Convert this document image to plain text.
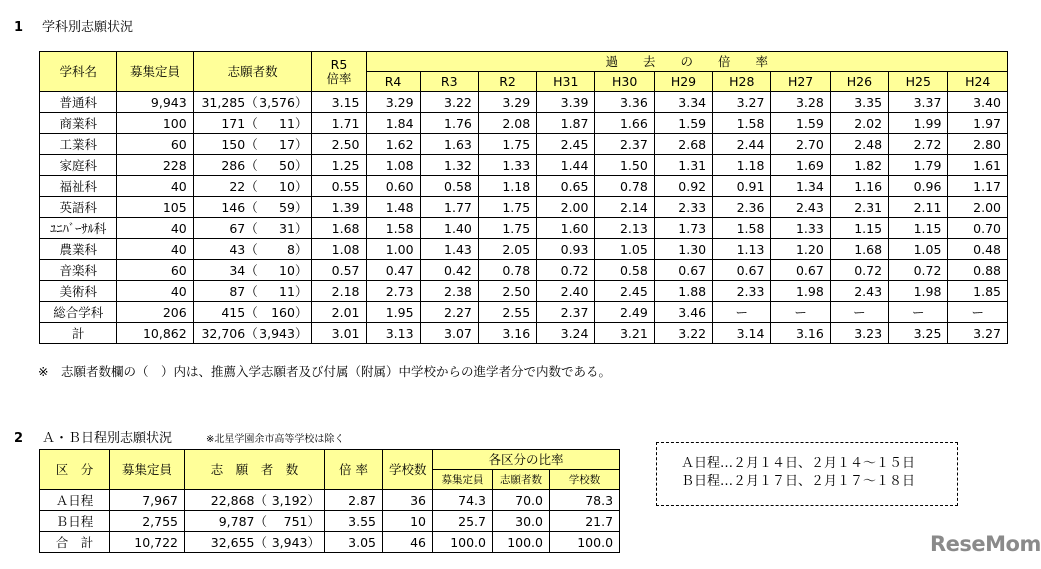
1 学科別志願状況
学科名	募集定員	志願者数	R5
倍率	過　　去　　の　　倍　　率										
				R4	R3	R2	H31	H30	H29	H28	H27	H26	H25	H24
普通科	9,943	31,285（ 3,576）	3.15	3.29	3.22	3.29	3.39	3.36	3.34	3.27	3.28	3.35	3.37	3.40
商業科	100	171（ 11）	1.71	1.84	1.76	2.08	1.87	1.66	1.59	1.58	1.59	2.02	1.99	1.97
工業科	60	150（ 17）	2.50	1.62	1.63	1.75	2.45	2.37	2.68	2.44	2.70	2.48	2.72	2.80
家庭科	228	286（ 50）	1.25	1.08	1.32	1.33	1.44	1.50	1.31	1.18	1.69	1.82	1.79	1.61
福祉科	40	22（ 10）	0.55	0.60	0.58	1.18	0.65	0.78	0.92	0.91	1.34	1.16	0.96	1.17
英語科	105	146（ 59）	1.39	1.48	1.77	1.75	2.00	2.14	2.33	2.36	2.43	2.31	2.11	2.00
ﾕﾆﾊﾞｰｻﾙ科	40	67（ 31）	1.68	1.58	1.40	1.75	1.60	2.13	1.73	1.58	1.33	1.15	1.15	0.70
農業科	40	43（ 8）	1.08	1.00	1.43	2.05	0.93	1.05	1.30	1.13	1.20	1.68	1.05	0.48
音楽科	60	34（ 10）	0.57	0.47	0.42	0.78	0.72	0.58	0.67	0.67	0.67	0.72	0.72	0.88
美術科	40	87（ 11）	2.18	2.73	2.38	2.50	2.40	2.45	1.88	2.33	1.98	2.43	1.98	1.85
総合学科	206	415（ 160）	2.01	1.95	2.27	2.55	2.37	2.49	3.46	ー	ー	ー	ー	ー
計	10,862	32,706（ 3,943）	3.01	3.13	3.07	3.16	3.24	3.21	3.22	3.14	3.16	3.23	3.25	3.27
※　志願者数欄の（　）内は、推薦入学志願者及び付属（附属）中学校からの進学者分で内数である。
2 Ａ・Ｂ日程別志願状況	※北星学園余市高等学校は除く
区　分	募集定員	志　願　者　数	倍 率	学校数	各区分の比率		
					募集定員	志願者数	学校数
Ａ日程	7,967	22,868（ 3,192）	2.87	36	74.3	70.0	78.3
Ｂ日程	2,755	9,787（ 751）	3.55	10	25.7	30.0	21.7
合　計	10,722	32,655（ 3,943）	3.05	46	100.0	100.0	100.0
Ａ日程…２月１４日、２月１４～１５日
Ｂ日程…２月１７日、２月１７～１８日
ReseMom
